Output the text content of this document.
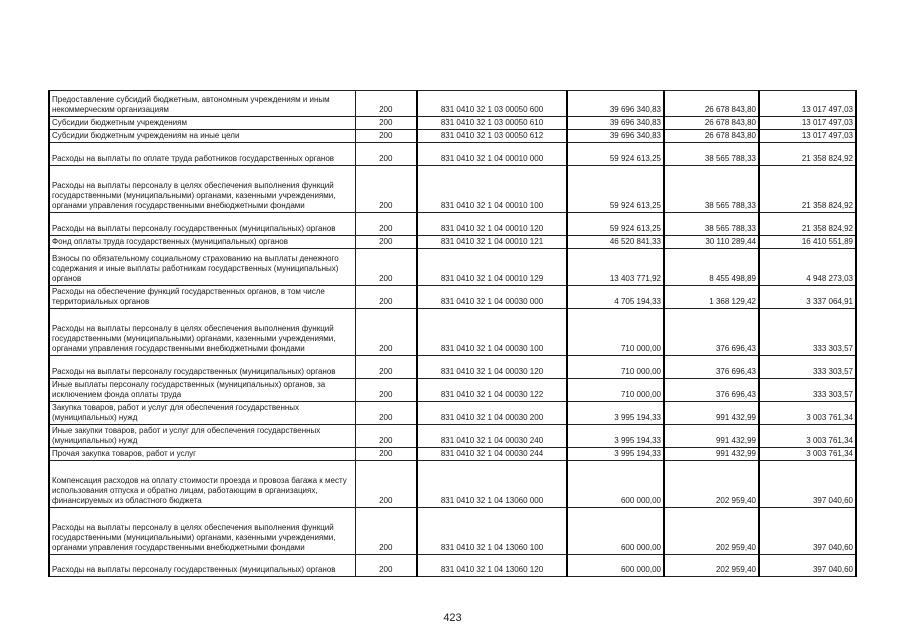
Предоставление субсидий бюджетным, автономным учреждениям и иным некоммерческим организациям	200	831 0410 32 1 03 00050 600	39 696 340,83	26 678 843,80	13 017 497,03
Субсидии бюджетным учреждениям	200	831 0410 32 1 03 00050 610	39 696 340,83	26 678 843,80	13 017 497,03
Субсидии бюджетным учреждениям на иные цели	200	831 0410 32 1 03 00050 612	39 696 340,83	26 678 843,80	13 017 497,03
Расходы на выплаты по оплате труда работников государственных органов	200	831 0410 32 1 04 00010 000	59 924 613,25	38 565 788,33	21 358 824,92
Расходы на выплаты персоналу в целях обеспечения выполнения функций государственными (муниципальными) органами, казенными учреждениями, органами управления государственными внебюджетными фондами	200	831 0410 32 1 04 00010 100	59 924 613,25	38 565 788,33	21 358 824,92
Расходы на выплаты персоналу государственных (муниципальных) органов	200	831 0410 32 1 04 00010 120	59 924 613,25	38 565 788,33	21 358 824,92
Фонд оплаты труда государственных (муниципальных) органов	200	831 0410 32 1 04 00010 121	46 520 841,33	30 110 289,44	16 410 551,89
Взносы по обязательному социальному страхованию на выплаты денежного содержания и иные выплаты работникам государственных (муниципальных) органов	200	831 0410 32 1 04 00010 129	13 403 771,92	8 455 498,89	4 948 273,03
Расходы на обеспечение функций государственных органов, в том числе территориальных органов	200	831 0410 32 1 04 00030 000	4 705 194,33	1 368 129,42	3 337 064,91
Расходы на выплаты персоналу в целях обеспечения выполнения функций государственными (муниципальными) органами, казенными учреждениями, органами управления государственными внебюджетными фондами	200	831 0410 32 1 04 00030 100	710 000,00	376 696,43	333 303,57
Расходы на выплаты персоналу государственных (муниципальных) органов	200	831 0410 32 1 04 00030 120	710 000,00	376 696,43	333 303,57
Иные выплаты персоналу государственных (муниципальных) органов, за исключением фонда оплаты труда	200	831 0410 32 1 04 00030 122	710 000,00	376 696,43	333 303,57
Закупка товаров, работ и услуг для обеспечения государственных (муниципальных) нужд	200	831 0410 32 1 04 00030 200	3 995 194,33	991 432,99	3 003 761,34
Иные закупки товаров, работ и услуг для обеспечения государственных (муниципальных) нужд	200	831 0410 32 1 04 00030 240	3 995 194,33	991 432,99	3 003 761,34
Прочая закупка товаров, работ и услуг	200	831 0410 32 1 04 00030 244	3 995 194,33	991 432,99	3 003 761,34
Компенсация расходов на оплату стоимости проезда и провоза багажа к месту использования отпуска и обратно лицам, работающим в организациях, финансируемых из областного бюджета	200	831 0410 32 1 04 13060 000	600 000,00	202 959,40	397 040,60
Расходы на выплаты персоналу в целях обеспечения выполнения функций государственными (муниципальными) органами, казенными учреждениями, органами управления государственными внебюджетными фондами	200	831 0410 32 1 04 13060 100	600 000,00	202 959,40	397 040,60
Расходы на выплаты персоналу государственных (муниципальных) органов	200	831 0410 32 1 04 13060 120	600 000,00	202 959,40	397 040,60
423
